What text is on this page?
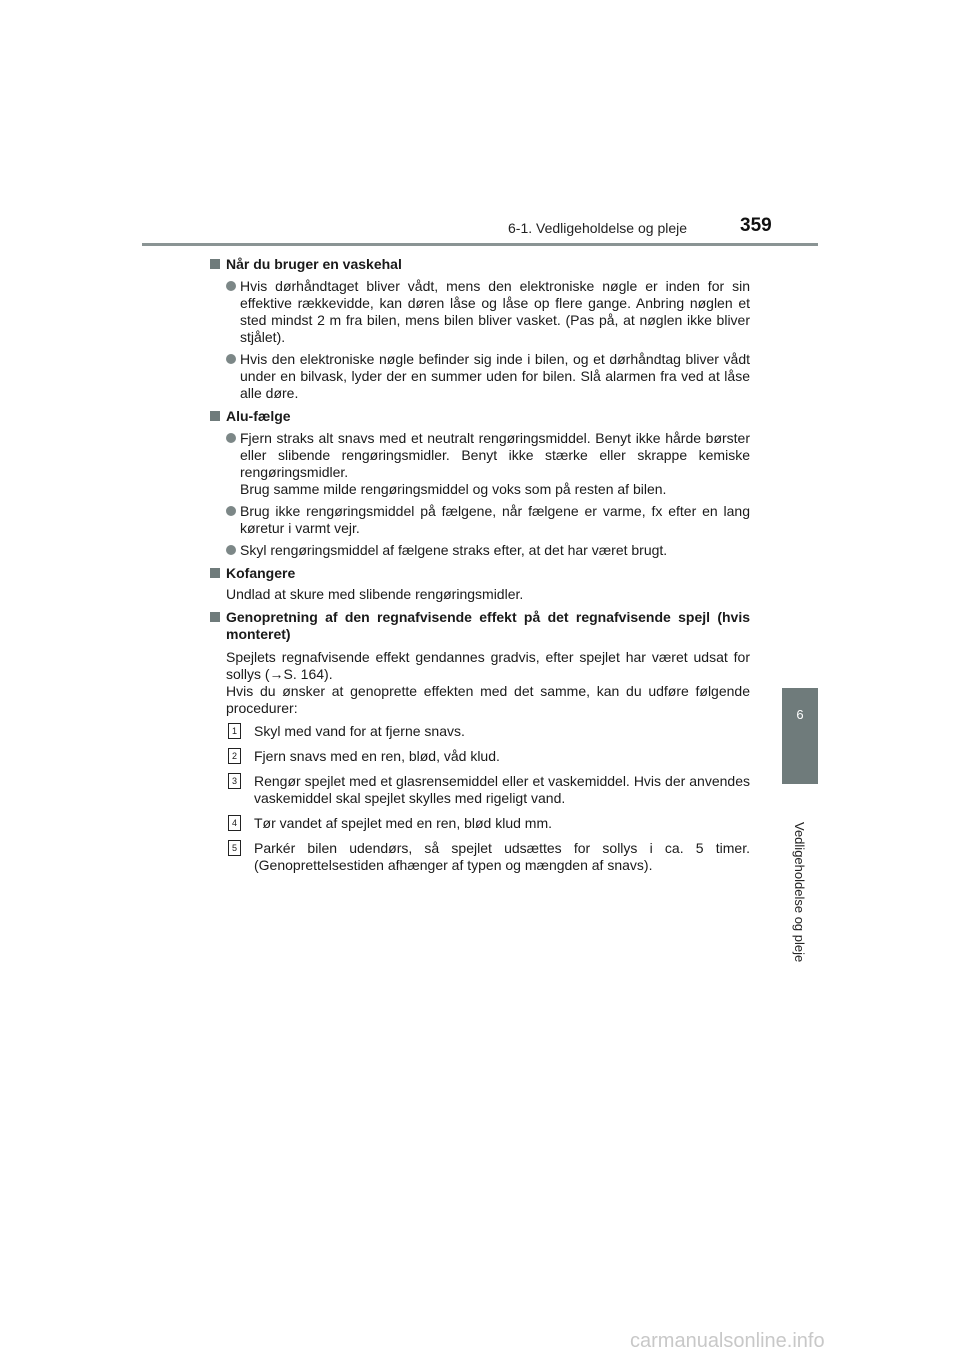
6-1. Vedligeholdelse og pleje	359
6
Vedligeholdelse og pleje
Når du bruger en vaskehal
Hvis dørhåndtaget bliver vådt, mens den elektroniske nøgle er inden for sin effektive rækkevidde, kan døren låse og låse op flere gange. Anbring nøglen et sted mindst 2 m fra bilen, mens bilen bliver vasket. (Pas på, at nøglen ikke bliver stjålet).
Hvis den elektroniske nøgle befinder sig inde i bilen, og et dørhåndtag bliver vådt under en bilvask, lyder der en summer uden for bilen. Slå alarmen fra ved at låse alle døre.
Alu-fælge
Fjern straks alt snavs med et neutralt rengøringsmiddel. Benyt ikke hårde børster eller slibende rengøringsmidler. Benyt ikke stærke eller skrappe kemiske rengøringsmidler.
Brug samme milde rengøringsmiddel og voks som på resten af bilen.
Brug ikke rengøringsmiddel på fælgene, når fælgene er varme, fx efter en lang køretur i varmt vejr.
Skyl rengøringsmiddel af fælgene straks efter, at det har været brugt.
Kofangere
Undlad at skure med slibende rengøringsmidler.
Genopretning af den regnafvisende effekt på det regnafvisende spejl (hvis monteret)
Spejlets regnafvisende effekt gendannes gradvis, efter spejlet har været udsat for sollys (→S. 164).
Hvis du ønsker at genoprette effekten med det samme, kan du udføre følgende procedurer:
1 Skyl med vand for at fjerne snavs.
2 Fjern snavs med en ren, blød, våd klud.
3 Rengør spejlet med et glasrensemiddel eller et vaskemiddel. Hvis der anvendes vaskemiddel skal spejlet skylles med rigeligt vand.
4 Tør vandet af spejlet med en ren, blød klud mm.
5 Parkér bilen udendørs, så spejlet udsættes for sollys i ca. 5 timer. (Genoprettelsestiden afhænger af typen og mængden af snavs).
carmanualsonline.info
